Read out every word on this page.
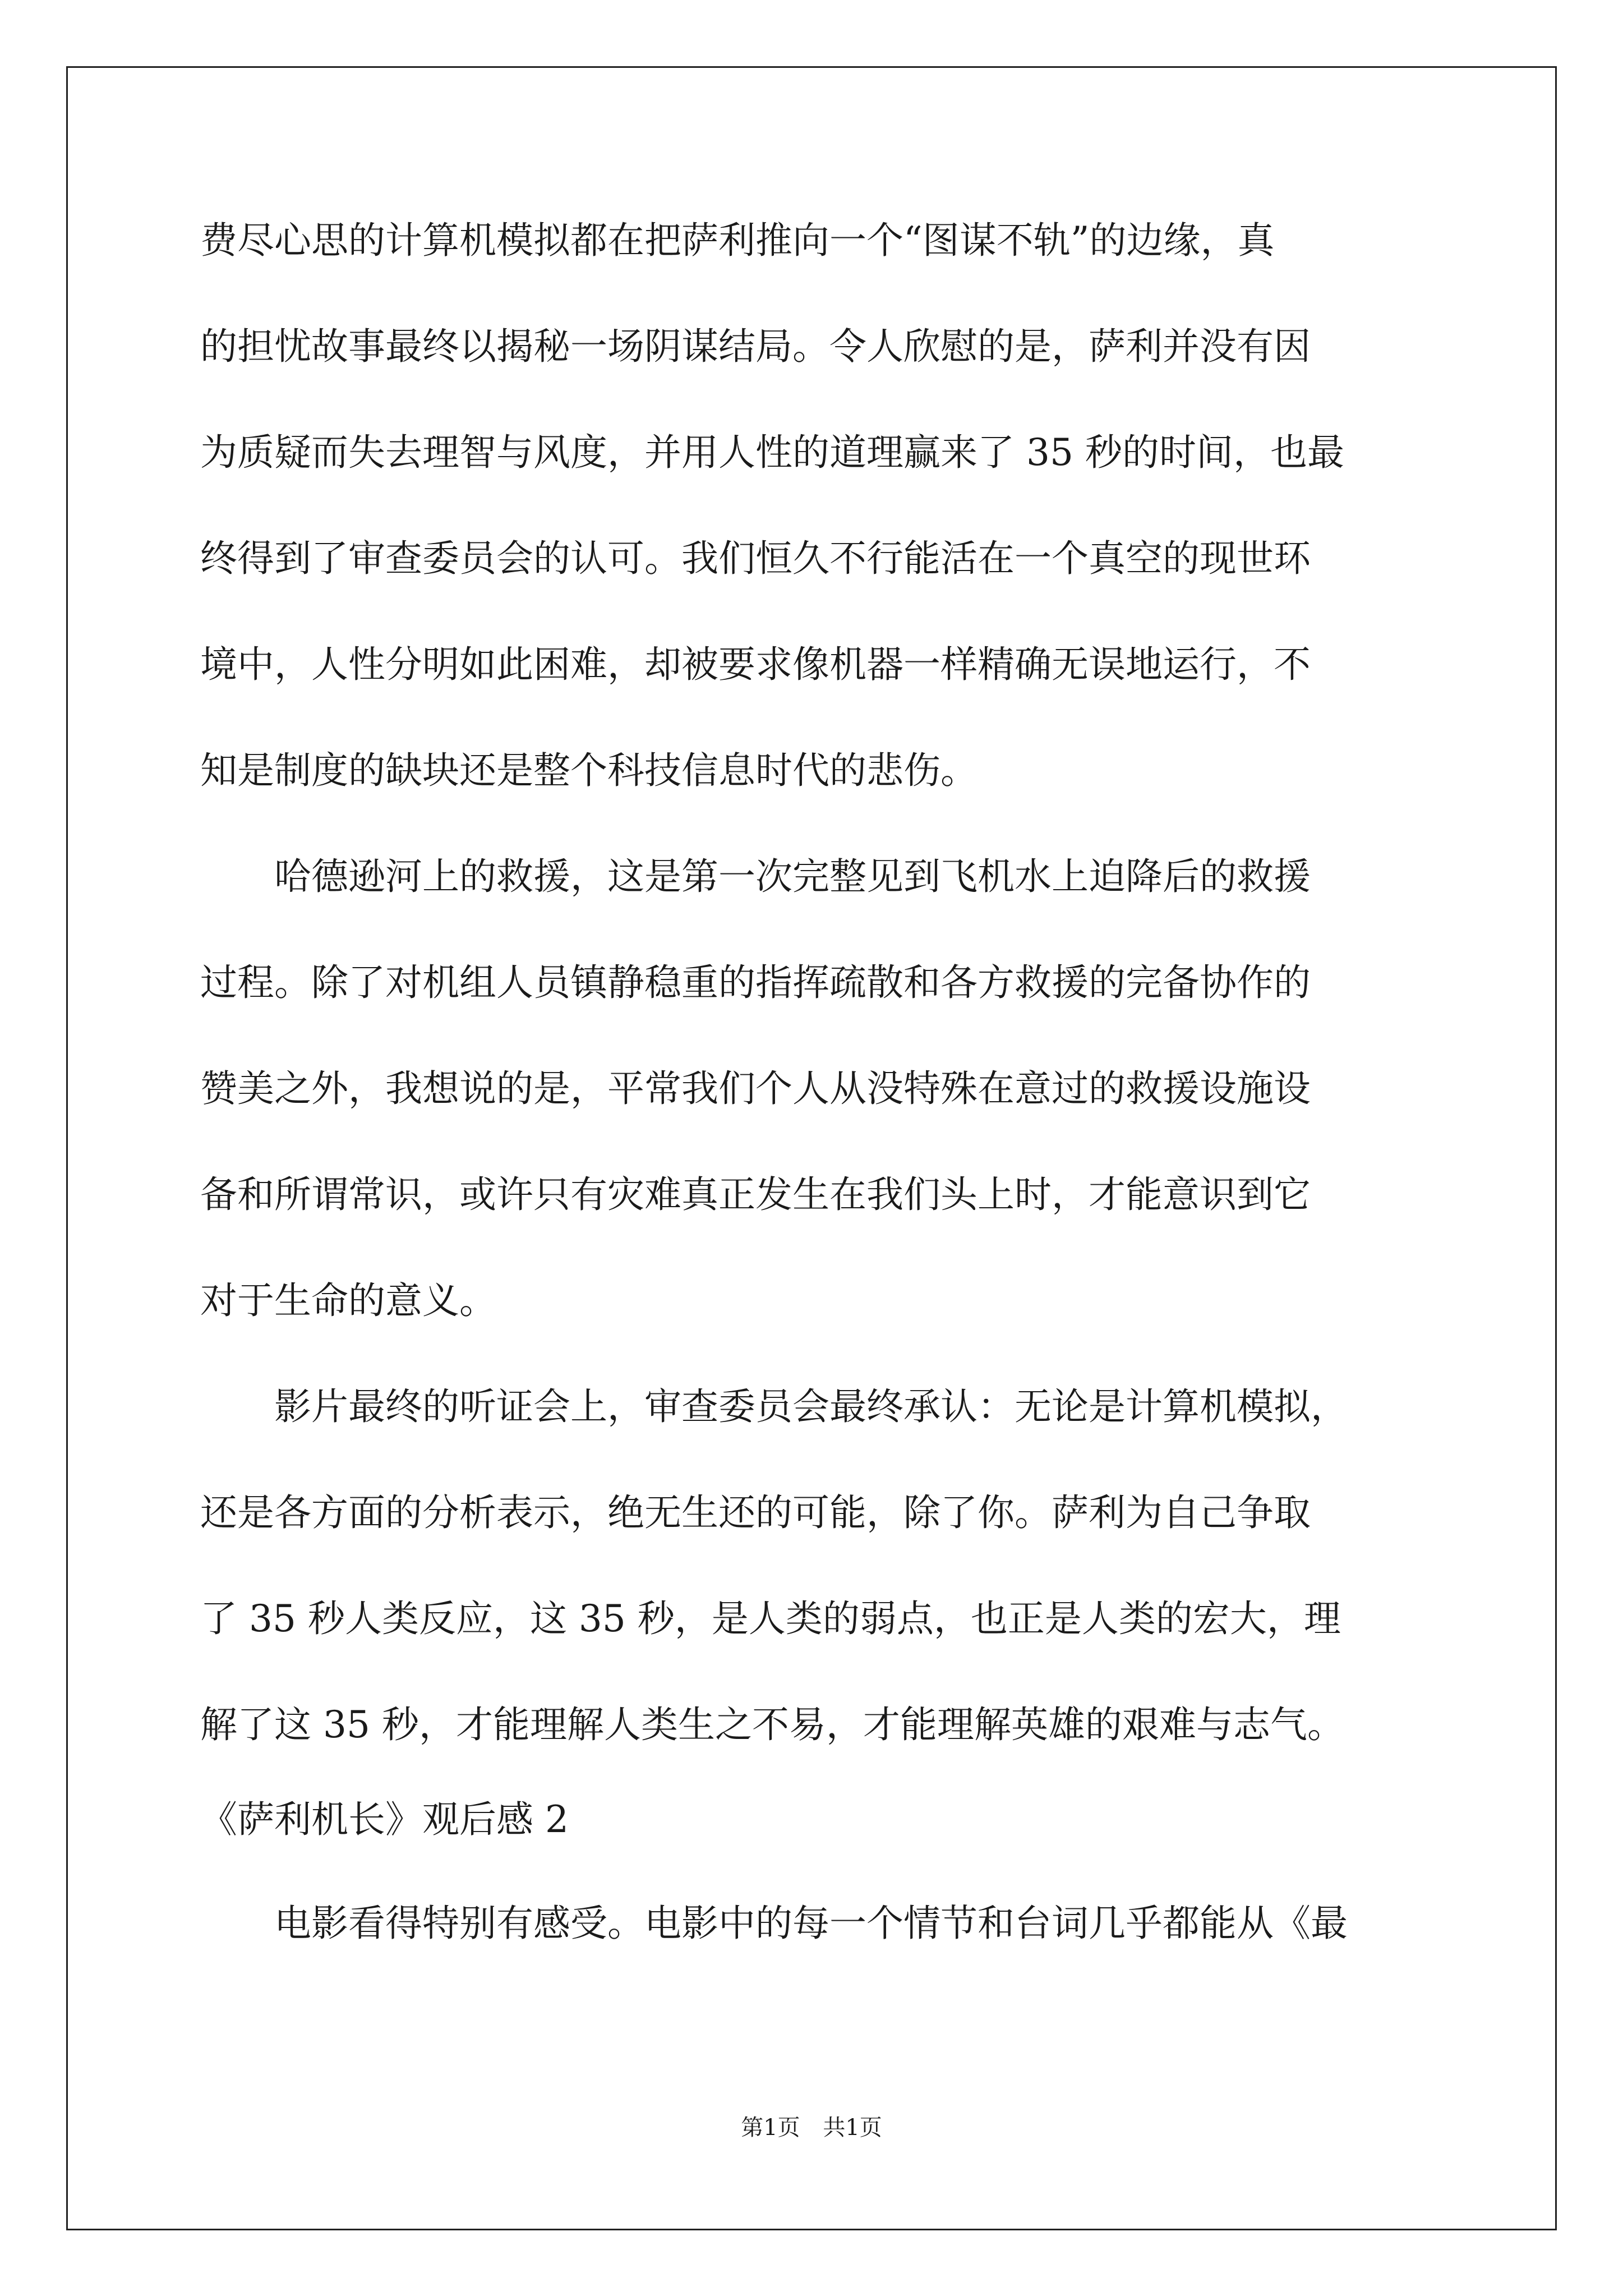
费尽心思的计算机模拟都在把萨利推向一个“图谋不轨”的边缘，真
的担忧故事最终以揭秘一场阴谋结局。令人欣慰的是，萨利并没有因
为质疑而失去理智与风度，并用人性的道理赢来了 35 秒的时间，也最
终得到了审查委员会的认可。我们恒久不行能活在一个真空的现世环
境中，人性分明如此困难，却被要求像机器一样精确无误地运行，不
知是制度的缺块还是整个科技信息时代的悲伤。
哈德逊河上的救援，这是第一次完整见到飞机水上迫降后的救援
过程。除了对机组人员镇静稳重的指挥疏散和各方救援的完备协作的
赞美之外，我想说的是，平常我们个人从没特殊在意过的救援设施设
备和所谓常识，或许只有灾难真正发生在我们头上时，才能意识到它
对于生命的意义。
影片最终的听证会上，审查委员会最终承认：无论是计算机模拟，
还是各方面的分析表示，绝无生还的可能，除了你。萨利为自己争取
了 35 秒人类反应，这 35 秒，是人类的弱点，也正是人类的宏大，理
解了这 35 秒，才能理解人类生之不易，才能理解英雄的艰难与志气。
《萨利机长》观后感 2
电影看得特别有感受。电影中的每一个情节和台词几乎都能从《最
第1页 共1页
